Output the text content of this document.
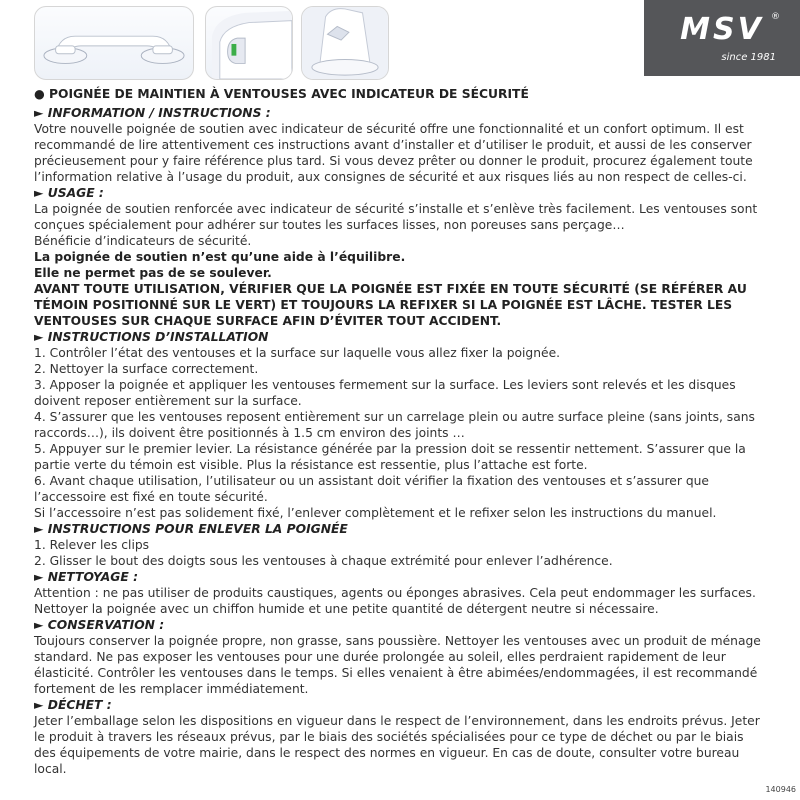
MSV ®
since 1981

● POIGNÉE DE MAINTIEN À VENTOUSES AVEC INDICATEUR DE SÉCURITÉ

► INFORMATION / INSTRUCTIONS :

Votre nouvelle poignée de soutien avec indicateur de sécurité offre une fonctionnalité et un confort optimum. Il est recommandé de lire attentivement ces instructions avant d’installer et d’utiliser le produit, et aussi de les conserver précieusement pour y faire référence plus tard. Si vous devez prêter ou donner le produit, procurez également toute l’information relative à l’usage du produit, aux consignes de sécurité et aux risques liés au non respect de celles-ci.

► USAGE :

La poignée de soutien renforcée avec indicateur de sécurité s’installe et s’enlève très facilement. Les ventouses sont conçues spécialement pour adhérer sur toutes les surfaces lisses, non poreuses sans perçage…

Bénéficie d’indicateurs de sécurité.

La poignée de soutien n’est qu’une aide à l’équilibre.

Elle ne permet pas de se soulever.

AVANT TOUTE UTILISATION, VÉRIFIER QUE LA POIGNÉE EST FIXÉE EN TOUTE SÉCURITÉ (SE RÉFÉRER AU TÉMOIN POSITIONNÉ SUR LE VERT) ET TOUJOURS LA REFIXER SI LA POIGNÉE EST LÂCHE. TESTER LES VENTOUSES SUR CHAQUE SURFACE AFIN D’ÉVITER TOUT ACCIDENT.

► INSTRUCTIONS D’INSTALLATION

1. Contrôler l’état des ventouses et la surface sur laquelle vous allez fixer la poignée.

2. Nettoyer la surface correctement.

3. Apposer la poignée et appliquer les ventouses fermement sur la surface. Les leviers sont relevés et les disques doivent reposer entièrement sur la surface.

4. S’assurer que les ventouses reposent entièrement sur un carrelage plein ou autre surface pleine (sans joints, sans raccords…), ils doivent être positionnés à 1.5 cm environ des joints …

5. Appuyer sur le premier levier. La résistance générée par la pression doit se ressentir nettement. S’assurer que la partie verte du témoin est visible. Plus la résistance est ressentie, plus l’attache est forte.

6. Avant chaque utilisation, l’utilisateur ou un assistant doit vérifier la fixation des ventouses et s’assurer que l’accessoire est fixé en toute sécurité.

Si l’accessoire n’est pas solidement fixé, l’enlever complètement et le refixer selon les instructions du manuel.

► INSTRUCTIONS POUR ENLEVER LA POIGNÉE

1. Relever les clips

2. Glisser le bout des doigts sous les ventouses à chaque extrémité pour enlever l’adhérence.

► NETTOYAGE :

Attention : ne pas utiliser de produits caustiques, agents ou éponges abrasives. Cela peut endommager les surfaces. Nettoyer la poignée avec un chiffon humide et une petite quantité de détergent neutre si nécessaire.

► CONSERVATION :

Toujours conserver la poignée propre, non grasse, sans poussière. Nettoyer les ventouses avec un produit de ménage standard. Ne pas exposer les ventouses pour une durée prolongée au soleil, elles perdraient rapidement de leur élasticité. Contrôler les ventouses dans le temps. Si elles venaient à être abimées/endommagées, il est recommandé fortement de les remplacer immédiatement.

► DÉCHET :

Jeter l’emballage selon les dispositions en vigueur dans le respect de l’environnement, dans les endroits prévus. Jeter le produit à travers les réseaux prévus, par le biais des sociétés spécialisées pour ce type de déchet ou par le biais des équipements de votre mairie, dans le respect des normes en vigueur. En cas de doute, consulter votre bureau local.

140946
